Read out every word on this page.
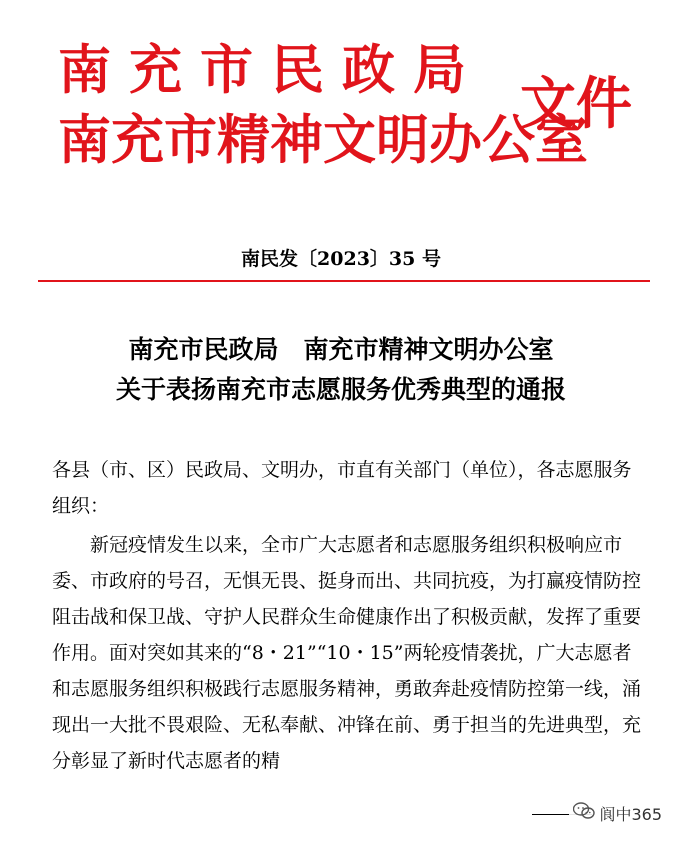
南充市民政局
南充市精神文明办公室
文件
南民发〔2023〕35 号
南充市民政局　南充市精神文明办公室
关于表扬南充市志愿服务优秀典型的通报
各县（市、区）民政局、文明办，市直有关部门（单位），各志愿服务组织：
新冠疫情发生以来，全市广大志愿者和志愿服务组织积极响应市委、市政府的号召，无惧无畏、挺身而出、共同抗疫，为打赢疫情防控阻击战和保卫战、守护人民群众生命健康作出了积极贡献，发挥了重要作用。面对突如其来的“8・21”“10・15”两轮疫情袭扰，广大志愿者和志愿服务组织积极践行志愿服务精神，勇敢奔赴疫情防控第一线，涌现出一大批不畏艰险、无私奉献、冲锋在前、勇于担当的先进典型，充分彰显了新时代志愿者的精
阆中365
